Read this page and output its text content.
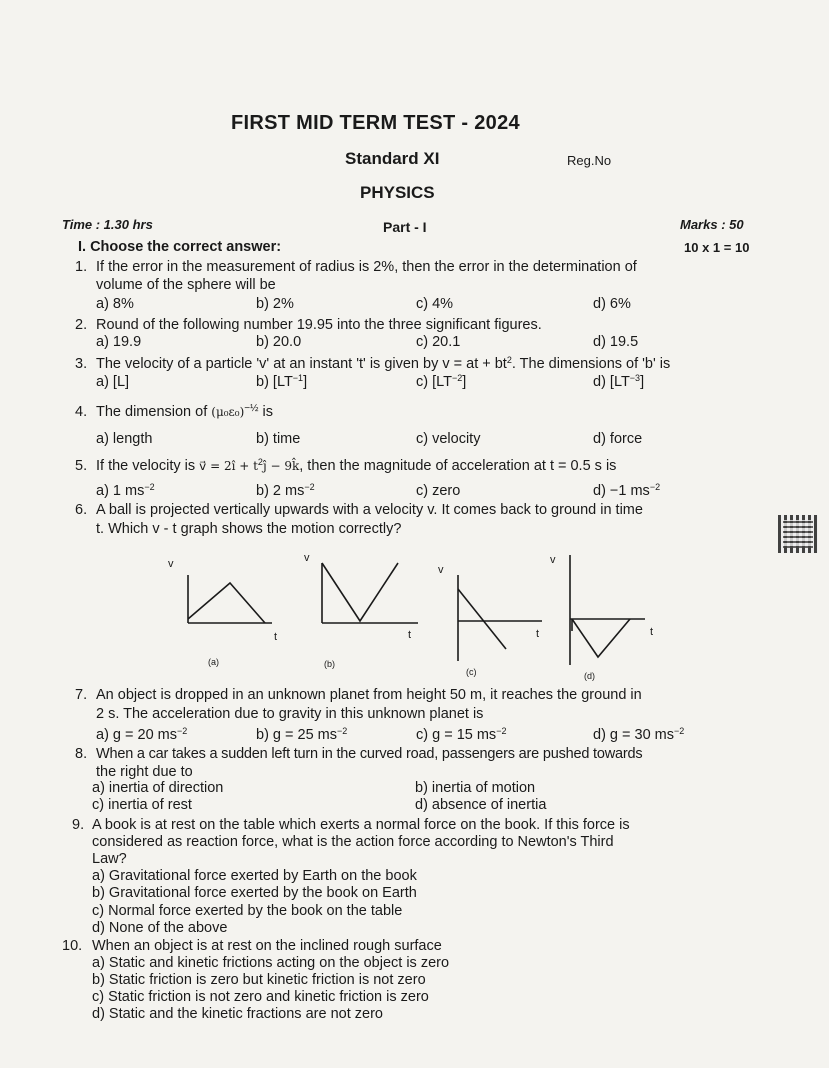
FIRST MID TERM TEST - 2024
Standard XI	Reg.No
PHYSICS
Time : 1.30 hrs	Part - I	Marks : 50
I. Choose the correct answer:	10 x 1 = 10
1. If the error in the measurement of radius is 2%, then the error in the determination of
volume of the sphere will be
a) 8%	b) 2%	c) 4%	d) 6%
2. Round of the following number 19.95 into the three significant figures.
a) 19.9	b) 20.0	c) 20.1	d) 19.5
3. The velocity of a particle 'v' at an instant 't' is given by v = at + $bt^2$. The dimensions of 'b' is
a) [L]	b) $[LT^{-1}]$	c) $[LT^{-2}]$	d) $[LT^{-3}]$
4. The dimension of $(\mu_0\varepsilon_0)^{-\frac{1}{2}}$ is
a) length	b) time	c) velocity	d) force
5. If the velocity is v⃗ = 2î + $t^2ĵ$ − 9k̂, then the magnitude of acceleration at t = 0.5 s is
a) 1 $ms^{-2}$	b) 2 $ms^{-2}$	c) zero	d) −1 $ms^{-2}$
6. A ball is projected vertically upwards with a velocity v. It comes back to ground in time
t. Which v - t graph shows the motion correctly?
v
t
(a)
v
t
(b)
v
t
(c)
v
t
(d)
7. An object is dropped in an unknown planet from height 50 m, it reaches the ground in
2 s. The acceleration due to gravity in this unknown planet is
a) g = 20 $ms^{-2}$	b) g = 25 $ms^{-2}$	c) g = 15 $ms^{-2}$	d) g = 30 $ms^{-2}$
8. When a car takes a sudden left turn in the curved road, passengers are pushed towards
the right due to
a) inertia of direction	b) inertia of motion
c) inertia of rest	d) absence of inertia
9. A book is at rest on the table which exerts a normal force on the book. If this force is
considered as reaction force, what is the action force according to Newton's Third
Law?
a) Gravitational force exerted by Earth on the book
b) Gravitational force exerted by the book on Earth
c) Normal force exerted by the book on the table
d) None of the above
10. When an object is at rest on the inclined rough surface
a) Static and kinetic frictions acting on the object is zero
b) Static friction is zero but kinetic friction is not zero
c) Static friction is not zero and kinetic friction is zero
d) Static and the kinetic fractions are not zero
